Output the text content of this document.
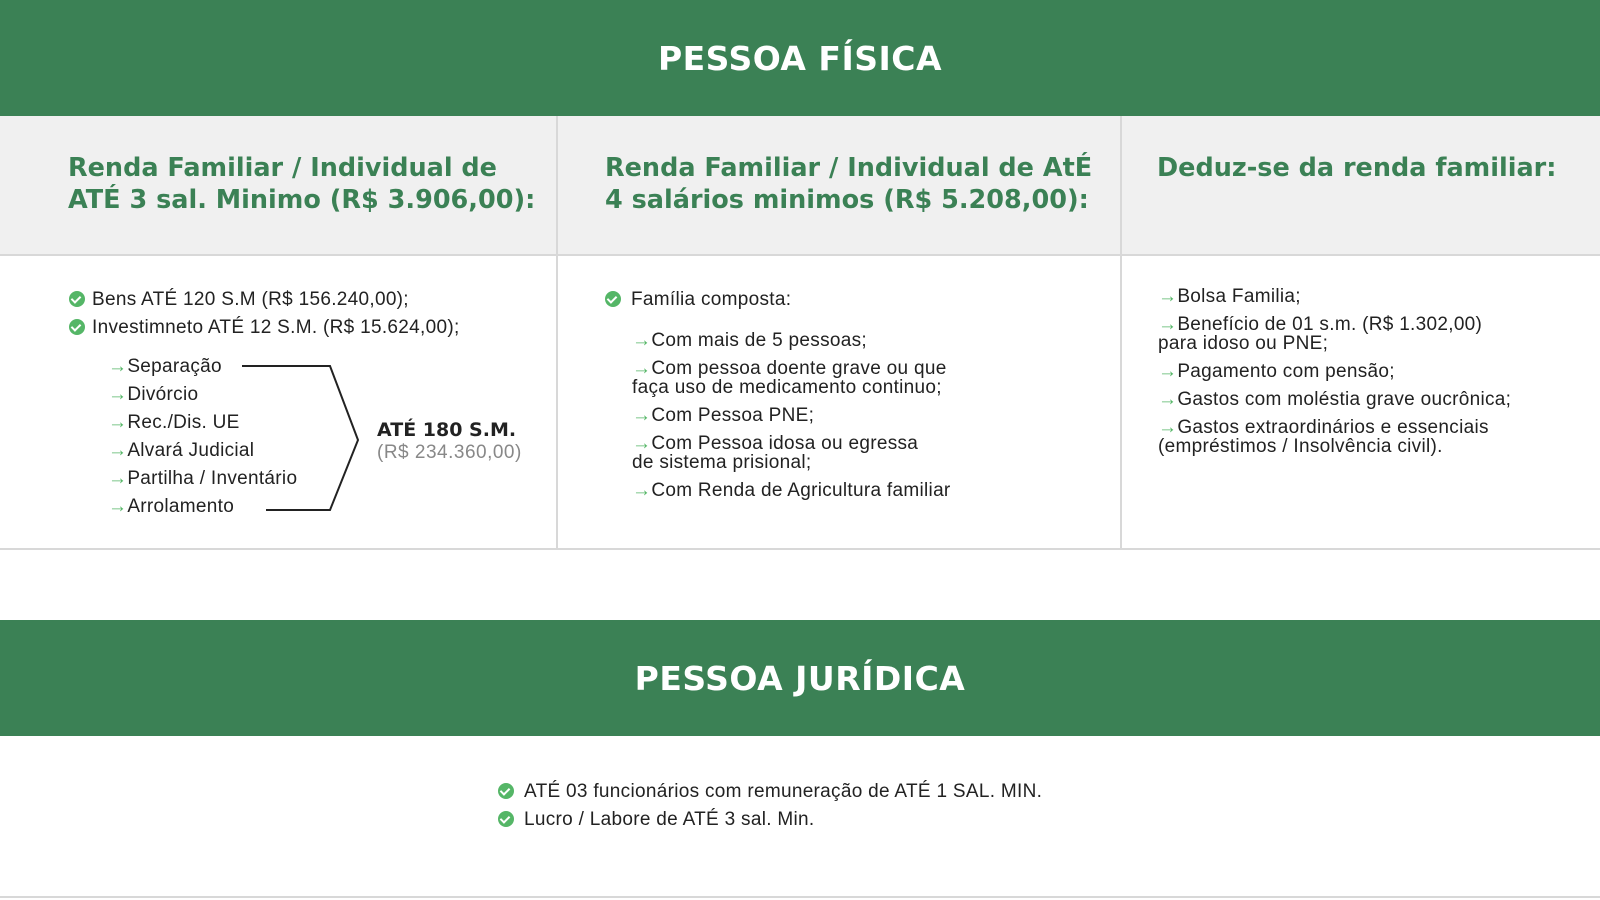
PESSOA FÍSICA
Renda Familiar / Individual de
ATÉ 3 sal. Minimo (R$ 3.906,00):
Renda Familiar / Individual de AtÉ
4 salários minimos (R$ 5.208,00):
Deduz-se da renda familiar:
Bens ATÉ 120 S.M (R$ 156.240,00);
Investimneto ATÉ 12 S.M. (R$ 15.624,00);
→Separação
→Divórcio
→Rec./Dis. UE
→Alvará Judicial
→Partilha / Inventário
→Arrolamento
ATÉ 180 S.M.
(R$ 234.360,00)
Família composta:
→Com mais de 5 pessoas;
→Com pessoa doente grave ou que
faça uso de medicamento continuo;
→Com Pessoa PNE;
→Com Pessoa idosa ou egressa
de sistema prisional;
→Com Renda de Agricultura familiar
→Bolsa Familia;
→Benefício de 01 s.m. (R$ 1.302,00)
para idoso ou PNE;
→Pagamento com pensão;
→Gastos com moléstia grave oucrônica;
→Gastos extraordinários e essenciais
(empréstimos / Insolvência civil).
PESSOA JURÍDICA
ATÉ 03 funcionários com remuneração de ATÉ 1 SAL. MIN.
Lucro / Labore de ATÉ 3 sal. Min.
